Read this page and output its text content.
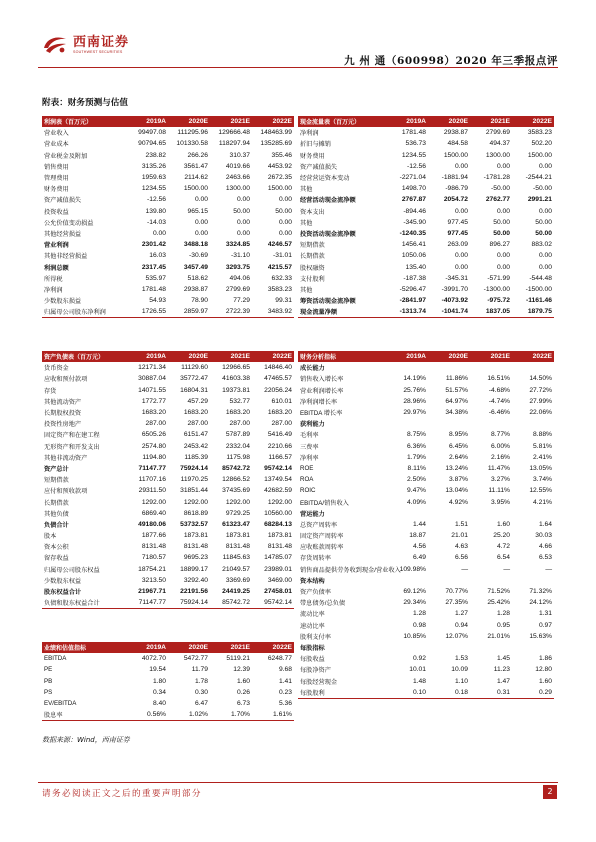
西南证券
SOUTHWEST SECURITIES
九 州 通（600998）2020 年三季报点评
附表：财务预测与估值
利润表（百万元）	2019A	2020E	2021E	2022E
营业收入	99497.08	111295.96	129666.48	148463.99
营业成本	90794.65	101330.58	118297.94	135285.69
营业税金及附加	238.82	266.26	310.37	355.46
销售费用	3135.26	3561.47	4019.66	4453.92
管理费用	1959.63	2114.62	2463.66	2672.35
财务费用	1234.55	1500.00	1300.00	1500.00
资产减值损失	-12.56	0.00	0.00	0.00
投资收益	139.80	965.15	50.00	50.00
公允价值变动损益	-14.03	0.00	0.00	0.00
其他经营损益	0.00	0.00	0.00	0.00
营业利润	2301.42	3488.18	3324.85	4246.57
其他非经营损益	16.03	-30.69	-31.10	-31.01
利润总额	2317.45	3457.49	3293.75	4215.57
所得税	535.97	518.62	494.06	632.33
净利润	1781.48	2938.87	2799.69	3583.23
少数股东损益	54.93	78.90	77.29	99.31
归属母公司股东净利润	1726.55	2859.97	2722.39	3483.92
现金流量表（百万元）	2019A	2020E	2021E	2022E
净利润	1781.48	2938.87	2799.69	3583.23
折旧与摊销	536.73	484.58	494.37	502.20
财务费用	1234.55	1500.00	1300.00	1500.00
资产减值损失	-12.56	0.00	0.00	0.00
经营营运资本变动	-2271.04	-1881.94	-1781.28	-2544.21
其他	1498.70	-986.79	-50.00	-50.00
经营活动现金流净额	2767.87	2054.72	2762.77	2991.21
资本支出	-894.46	0.00	0.00	0.00
其他	-345.90	977.45	50.00	50.00
投资活动现金流净额	-1240.35	977.45	50.00	50.00
短期借款	1456.41	263.09	896.27	883.02
长期借款	1050.06	0.00	0.00	0.00
股权融资	135.40	0.00	0.00	0.00
支付股利	-187.38	-345.31	-571.99	-544.48
其他	-5296.47	-3991.70	-1300.00	-1500.00
筹资活动现金流净额	-2841.97	-4073.92	-975.72	-1161.46
现金流量净额	-1313.74	-1041.74	1837.05	1879.75
资产负债表（百万元）	2019A	2020E	2021E	2022E
货币资金	12171.34	11129.60	12966.65	14846.40
应收和预付款项	30887.04	35772.47	41603.38	47465.57
存货	14071.55	16804.31	19373.81	22056.24
其他流动资产	1772.77	457.29	532.77	610.01
长期股权投资	1683.20	1683.20	1683.20	1683.20
投资性房地产	287.00	287.00	287.00	287.00
固定资产和在建工程	6505.26	6151.47	5787.89	5416.49
无形资产和开发支出	2574.80	2453.42	2332.04	2210.66
其他非流动资产	1194.80	1185.39	1175.98	1166.57
资产总计	71147.77	75924.14	85742.72	95742.14
短期借款	11707.16	11970.25	12866.52	13749.54
应付和预收款项	29311.50	31851.44	37435.69	42682.59
长期借款	1292.00	1292.00	1292.00	1292.00
其他负债	6869.40	8618.89	9729.25	10560.00
负债合计	49180.06	53732.57	61323.47	68284.13
股本	1877.66	1873.81	1873.81	1873.81
资本公积	8131.48	8131.48	8131.48	8131.48
留存收益	7180.57	9695.23	11845.63	14785.07
归属母公司股东权益	18754.21	18899.17	21049.57	23989.01
少数股东权益	3213.50	3292.40	3369.69	3469.00
股东权益合计	21967.71	22191.56	24419.25	27458.01
负债和股东权益合计	71147.77	75924.14	85742.72	95742.14
财务分析指标	2019A	2020E	2021E	2022E
成长能力				
销售收入增长率	14.19%	11.86%	16.51%	14.50%
营业利润增长率	25.76%	51.57%	-4.68%	27.72%
净利润增长率	28.96%	64.97%	-4.74%	27.99%
EBITDA 增长率	29.97%	34.38%	-6.46%	22.06%
获利能力				
毛利率	8.75%	8.95%	8.77%	8.88%
三费率	6.36%	6.45%	6.00%	5.81%
净利率	1.79%	2.64%	2.16%	2.41%
ROE	8.11%	13.24%	11.47%	13.05%
ROA	2.50%	3.87%	3.27%	3.74%
ROIC	9.47%	13.04%	11.11%	12.55%
EBITDA/销售收入	4.09%	4.92%	3.95%	4.21%
营运能力				
总资产周转率	1.44	1.51	1.60	1.64
固定资产周转率	18.87	21.01	25.20	30.03
应收账款周转率	4.56	4.63	4.72	4.66
存货周转率	6.49	6.56	6.54	6.53
销售商品提供劳务收到现金/营业收入	109.98%	—	—	—
资本结构				
资产负债率	69.12%	70.77%	71.52%	71.32%
带息债务/总负债	29.34%	27.35%	25.42%	24.12%
流动比率	1.28	1.27	1.28	1.31
速动比率	0.98	0.94	0.95	0.97
股利支付率	10.85%	12.07%	21.01%	15.63%
每股指标				
每股收益	0.92	1.53	1.45	1.86
每股净资产	10.01	10.09	11.23	12.80
每股经营现金	1.48	1.10	1.47	1.60
每股股利	0.10	0.18	0.31	0.29
业绩和估值指标	2019A	2020E	2021E	2022E
EBITDA	4072.70	5472.77	5119.21	6248.77
PE	19.54	11.79	12.39	9.68
PB	1.80	1.78	1.60	1.41
PS	0.34	0.30	0.26	0.23
EV/EBITDA	8.40	6.47	6.73	5.36
股息率	0.56%	1.02%	1.70%	1.61%
数据来源：Wind，西南证券
请务必阅读正文之后的重要声明部分	2
